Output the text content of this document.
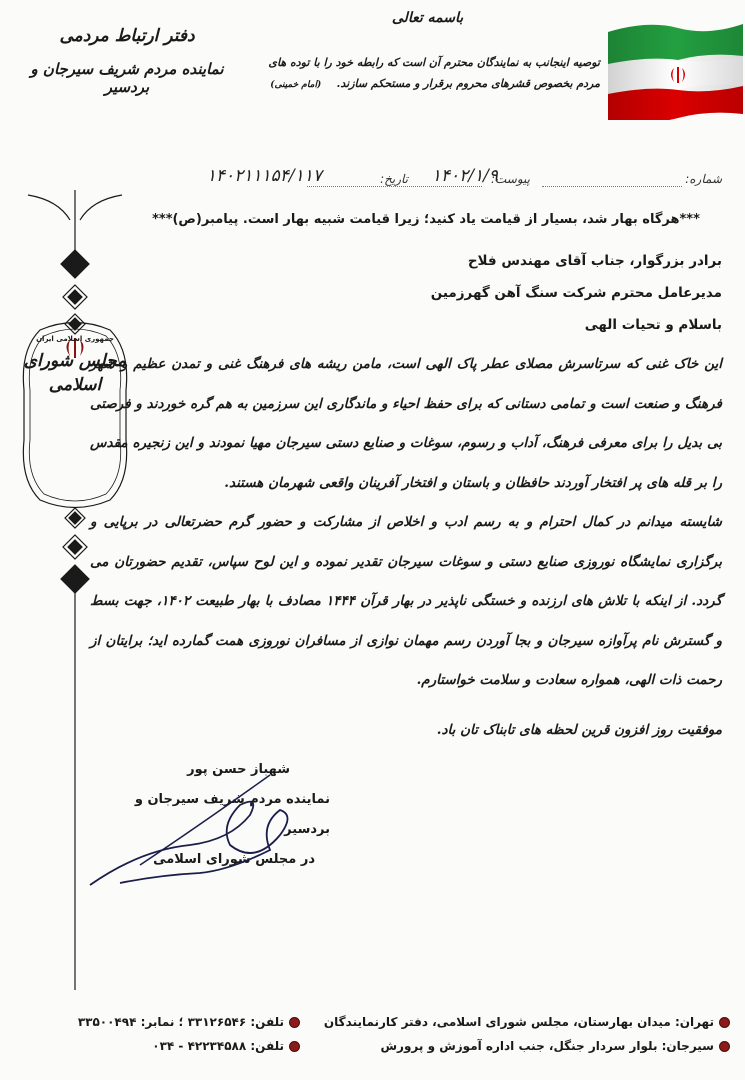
باسمه تعالی
توصیه اینجانب به نمایندگان محترم آن است که رابطه خود را با توده های
مردم بخصوص قشرهای محروم برقرار و مستحکم سازند.    (امام خمینی)
دفتر ارتباط مردمی
نماینده مردم شریف سیرجان و بردسیر
شماره:
۱۴۰۲۱۱۱۵۴/۱۱۷	تاریخ: ۱۴۰۲/۱/۹
پیوست:
جمهوری اسلامی ایران
مجلس شورای اسلامی
***هرگاه بهار شد، بسیار از قیامت یاد کنید؛ زیرا قیامت شبیه بهار است. پیامبر(ص)***
برادر بزرگوار، جناب آقای مهندس فلاح
مدیرعامل محترم شرکت سنگ آهن گهرزمین
باسلام و تحیات الهی

این خاک غنی که سرتاسرش مصلای عطر پاک الهی است، مامن ریشه های فرهنگ غنی و تمدن عظیم و شهر فرهنگ و صنعت است و تمامی دستانی که برای حفظ احیاء و ماندگاری این سرزمین به هم گره خوردند و فرصتی بی بدیل را برای معرفی فرهنگ، آداب و رسوم، سوغات و صنایع دستی سیرجان مهیا نمودند و این زنجیره مقدس را بر قله های پر افتخار آوردند حافظان و باستان و افتخار آفرینان واقعی شهرمان هستند.

شایسته میدانم در کمال احترام و به رسم ادب و اخلاص از مشارکت و حضور گرم حضرتعالی در برپایی و برگزاری نمایشگاه نوروزی صنایع دستی و سوغات سیرجان تقدیر نموده و این لوح سپاس، تقدیم حضورتان می گردد. از اینکه با تلاش های ارزنده و خستگی ناپذیر در بهار قرآن ۱۴۴۴ مصادف با بهار طبیعت ۱۴۰۲، جهت بسط و گسترش نام پرآوازه سیرجان و بجا آوردن رسم مهمان نوازی از مسافران نوروزی همت گمارده اید؛ برایتان از رحمت ذات الهی، همواره سعادت و سلامت خواستارم.

موفقیت روز افزون قرین لحظه های تابناک تان باد.

شهباز حسن پور
نماینده مردم شریف سیرجان و بردسیر
در مجلس شورای اسلامی
تهران: میدان بهارستان، مجلس شورای اسلامی، دفتر کارنمایندگان
تلفن: ۳۳۱۲۶۵۴۶ ؛ نمابر: ۳۳۵۰۰۴۹۴
سیرجان: بلوار سردار جنگل، جنب اداره آموزش و پرورش
تلفن: ۴۲۲۳۴۵۸۸ - ۰۳۴
